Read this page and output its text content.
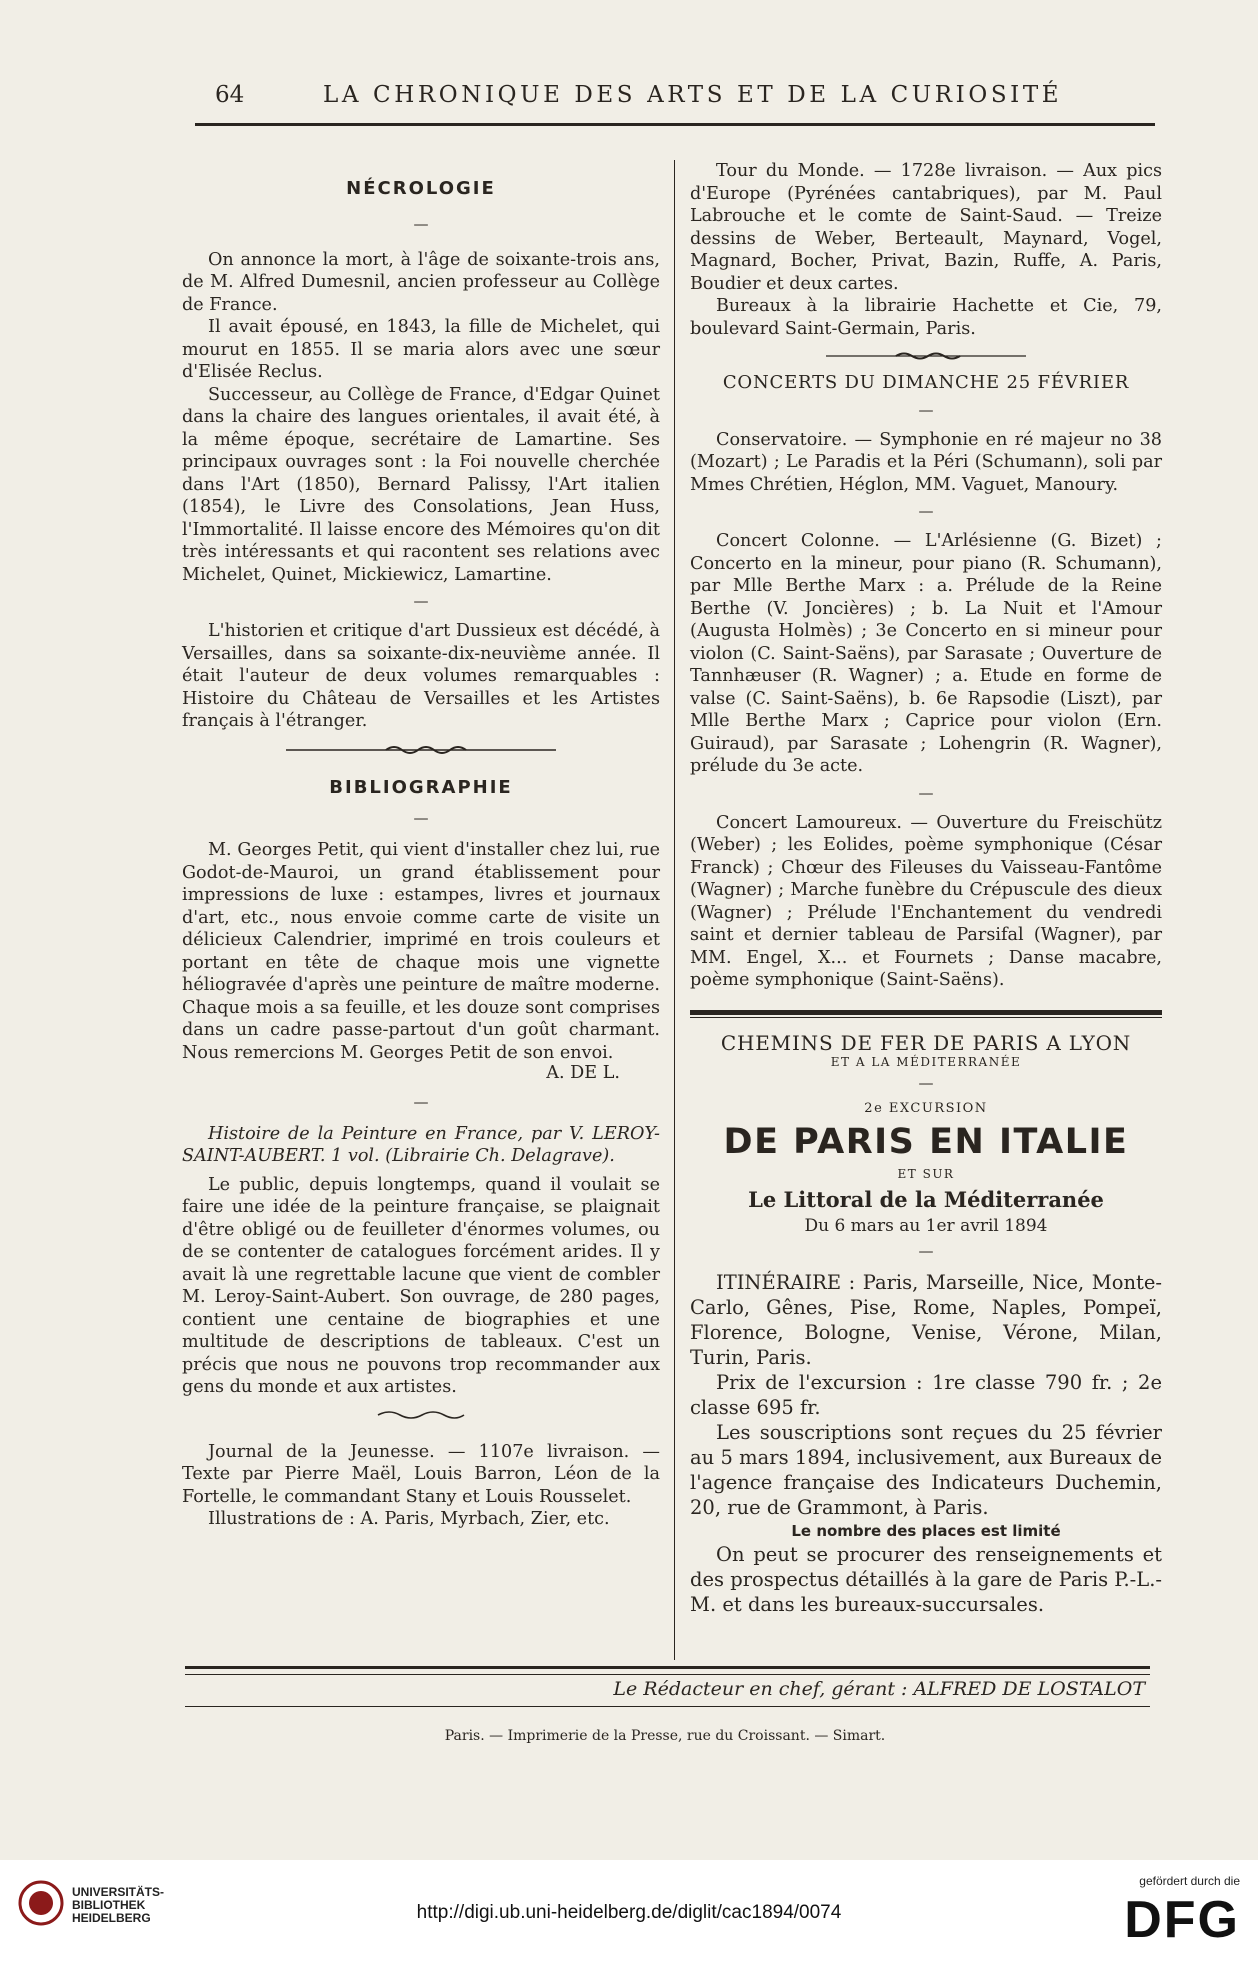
64	LA CHRONIQUE DES ARTS ET DE LA CURIOSITÉ
NÉCROLOGIE
—

On annonce la mort, à l'âge de soixante-trois ans, de M. Alfred Dumesnil, ancien professeur au Collège de France.

Il avait épousé, en 1843, la fille de Michelet, qui mourut en 1855. Il se maria alors avec une sœur d'Elisée Reclus.

Successeur, au Collège de France, d'Edgar Quinet dans la chaire des langues orientales, il avait été, à la même époque, secrétaire de Lamartine. Ses principaux ouvrages sont : la Foi nouvelle cherchée dans l'Art (1850), Bernard Palissy, l'Art italien (1854), le Livre des Consolations, Jean Huss, l'Immortalité. Il laisse encore des Mémoires qu'on dit très intéressants et qui racontent ses relations avec Michelet, Quinet, Mickiewicz, Lamartine.

—

L'historien et critique d'art Dussieux est décédé, à Versailles, dans sa soixante-dix-neuvième année. Il était l'auteur de deux volumes remarquables : Histoire du Château de Versailles et les Artistes français à l'étranger.

BIBLIOGRAPHIE
—

M. Georges Petit, qui vient d'installer chez lui, rue Godot-de-Mauroi, un grand établissement pour impressions de luxe : estampes, livres et journaux d'art, etc., nous envoie comme carte de visite un délicieux Calendrier, imprimé en trois couleurs et portant en tête de chaque mois une vignette héliogravée d'après une peinture de maître moderne. Chaque mois a sa feuille, et les douze sont comprises dans un cadre passe-partout d'un goût charmant. Nous remercions M. Georges Petit de son envoi.

A. DE L.
—

Histoire de la Peinture en France, par V. LEROY-SAINT-AUBERT. 1 vol. (Librairie Ch. Delagrave).

Le public, depuis longtemps, quand il voulait se faire une idée de la peinture française, se plaignait d'être obligé ou de feuilleter d'énormes volumes, ou de se contenter de catalogues forcément arides. Il y avait là une regrettable lacune que vient de combler M. Leroy-Saint-Aubert. Son ouvrage, de 280 pages, contient une centaine de biographies et une multitude de descriptions de tableaux. C'est un précis que nous ne pouvons trop recommander aux gens du monde et aux artistes.

Journal de la Jeunesse. — 1107e livraison. — Texte par Pierre Maël, Louis Barron, Léon de la Fortelle, le commandant Stany et Louis Rousselet.

Illustrations de : A. Paris, Myrbach, Zier, etc.

Tour du Monde. — 1728e livraison. — Aux pics d'Europe (Pyrénées cantabriques), par M. Paul Labrouche et le comte de Saint-Saud. — Treize dessins de Weber, Berteault, Maynard, Vogel, Magnard, Bocher, Privat, Bazin, Ruffe, A. Paris, Boudier et deux cartes.

Bureaux à la librairie Hachette et Cie, 79, boulevard Saint-Germain, Paris.

CONCERTS DU DIMANCHE 25 FÉVRIER
—

Conservatoire. — Symphonie en ré majeur no 38 (Mozart) ; Le Paradis et la Péri (Schumann), soli par Mmes Chrétien, Héglon, MM. Vaguet, Manoury.

—

Concert Colonne. — L'Arlésienne (G. Bizet) ; Concerto en la mineur, pour piano (R. Schumann), par Mlle Berthe Marx : a. Prélude de la Reine Berthe (V. Joncières) ; b. La Nuit et l'Amour (Augusta Holmès) ; 3e Concerto en si mineur pour violon (C. Saint-Saëns), par Sarasate ; Ouverture de Tannhæuser (R. Wagner) ; a. Etude en forme de valse (C. Saint-Saëns), b. 6e Rapsodie (Liszt), par Mlle Berthe Marx ; Caprice pour violon (Ern. Guiraud), par Sarasate ; Lohengrin (R. Wagner), prélude du 3e acte.

—

Concert Lamoureux. — Ouverture du Freischütz (Weber) ; les Eolides, poème symphonique (César Franck) ; Chœur des Fileuses du Vaisseau-Fantôme (Wagner) ; Marche funèbre du Crépuscule des dieux (Wagner) ; Prélude l'Enchantement du vendredi saint et dernier tableau de Parsifal (Wagner), par MM. Engel, X... et Fournets ; Danse macabre, poème symphonique (Saint-Saëns).

CHEMINS DE FER DE PARIS A LYON
ET A LA MÉDITERRANÉE
—
2e EXCURSION
DE PARIS EN ITALIE
ET SUR
Le Littoral de la Méditerranée
Du 6 mars au 1er avril 1894
—

ITINÉRAIRE : Paris, Marseille, Nice, Monte-Carlo, Gênes, Pise, Rome, Naples, Pompeï, Florence, Bologne, Venise, Vérone, Milan, Turin, Paris.

Prix de l'excursion : 1re classe 790 fr. ; 2e classe 695 fr.

Les souscriptions sont reçues du 25 février au 5 mars 1894, inclusivement, aux Bureaux de l'agence française des Indicateurs Duchemin, 20, rue de Grammont, à Paris.

Le nombre des places est limité

On peut se procurer des renseignements et des prospectus détaillés à la gare de Paris P.-L.-M. et dans les bureaux-succursales.

Le Rédacteur en chef, gérant : ALFRED DE LOSTALOT
Paris. — Imprimerie de la Presse, rue du Croissant. — Simart.
UNIVERSITÄTS-
BIBLIOTHEK
HEIDELBERG	http://digi.ub.uni-heidelberg.de/diglit/cac1894/0074
gefördert durch die
DFG
